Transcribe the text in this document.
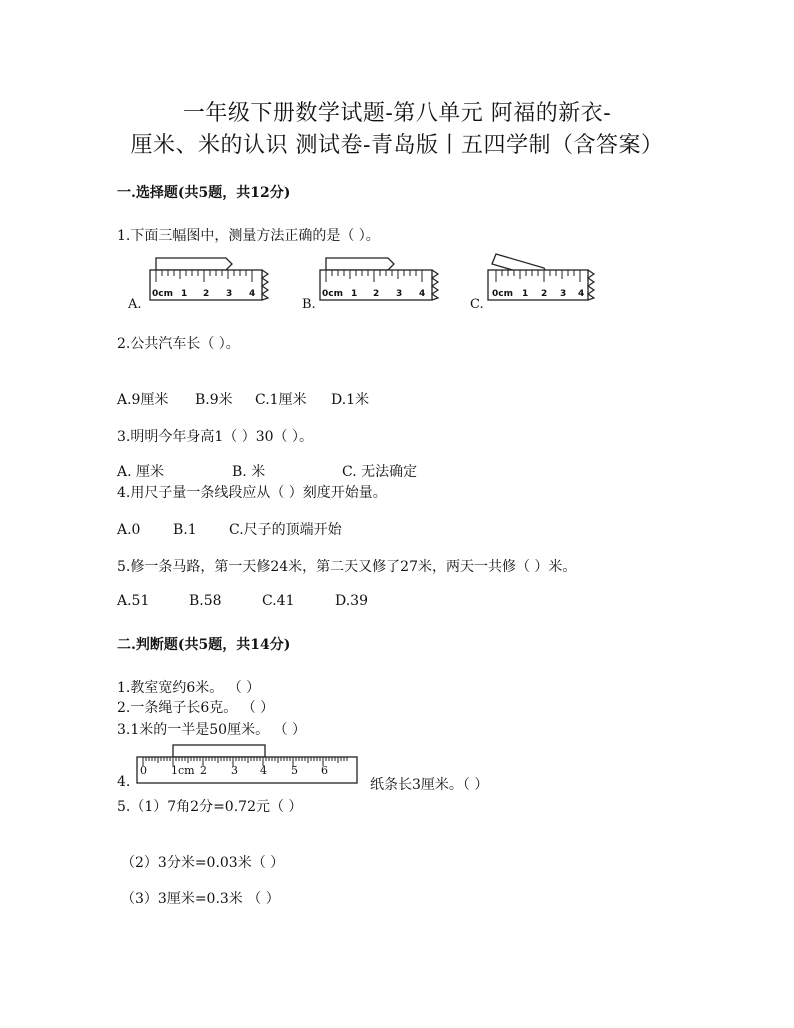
一年级下册数学试题-第八单元 阿福的新衣-
厘米、米的认识 测试卷-青岛版丨五四学制（含答案）
一.选择题(共5题，共12分)
1.下面三幅图中，测量方法正确的是（ ）。
A.
0cm 1 2 3 4
B.
0cm 1 2 3 4
C.
0cm 1 2 3 4
2.公共汽车长（ ）。
A.9厘米 B.9米 C.1厘米 D.1米
3.明明今年身高1（ ）30（ ）。
A. 厘米	B. 米	C. 无法确定
4.用尺子量一条线段应从（ ）刻度开始量。
A.0 B.1 C.尺子的顶端开始
5.修一条马路，第一天修24米，第二天又修了27米，两天一共修（ ）米。
A.51	B.58	C.41	D.39
二.判断题(共5题，共14分)
1.教室宽约6米。 （ ）
2.一条绳子长6克。 （ ）
3.1米的一半是50厘米。 （ ）
4.
0 1cm 2 3 4 5 6
纸条长3厘米。（ ）
5.（1）7角2分=0.72元（ ）
（2）3分米=0.03米（ ）
（3）3厘米=0.3米 （ ）
